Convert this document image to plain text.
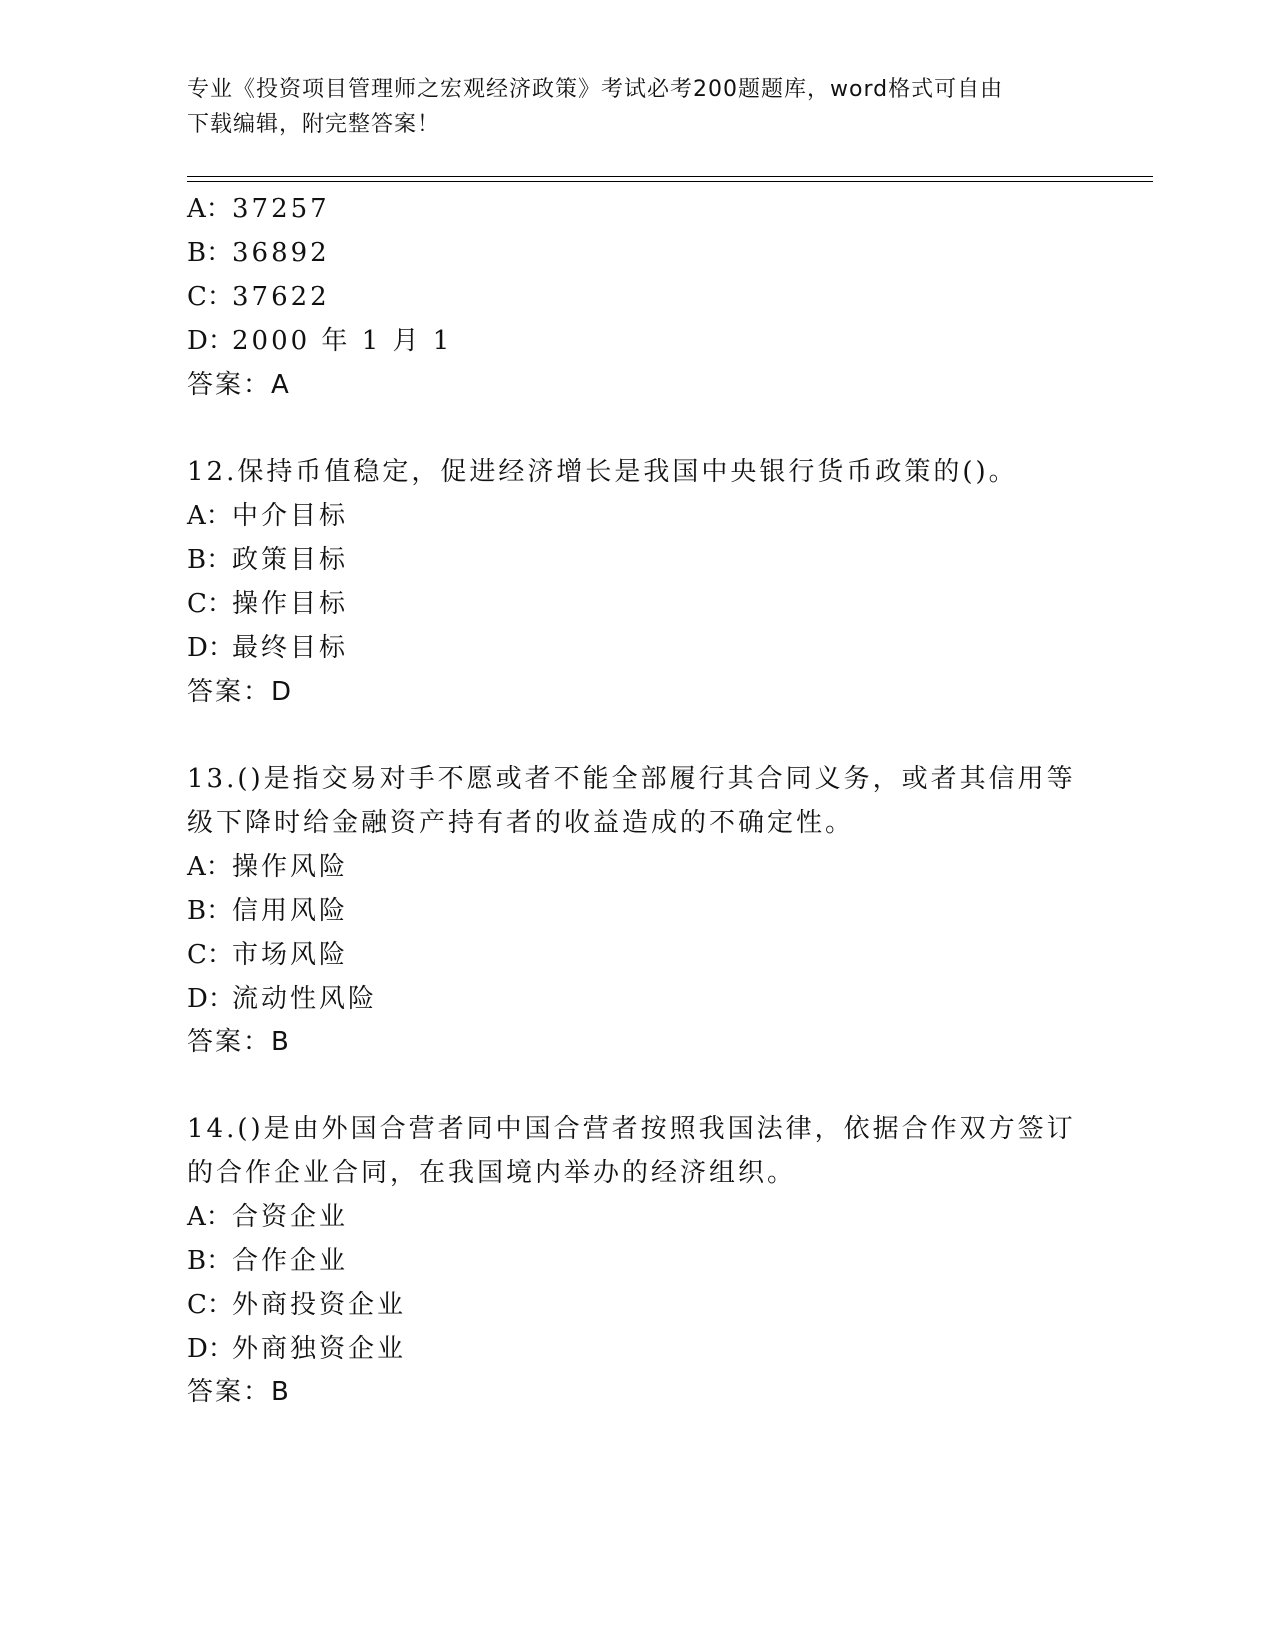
专业《投资项目管理师之宏观经济政策》考试必考200题题库，word格式可自由
下载编辑，附完整答案！
A：37257
B：36892
C：37622
D：2000 年 1 月 1
答案：A
12.保持币值稳定，促进经济增长是我国中央银行货币政策的()。
A：中介目标
B：政策目标
C：操作目标
D：最终目标
答案：D
13.()是指交易对手不愿或者不能全部履行其合同义务，或者其信用等
级下降时给金融资产持有者的收益造成的不确定性。
A：操作风险
B：信用风险
C：市场风险
D：流动性风险
答案：B
14.()是由外国合营者同中国合营者按照我国法律，依据合作双方签订
的合作企业合同，在我国境内举办的经济组织。
A：合资企业
B：合作企业
C：外商投资企业
D：外商独资企业
答案：B
